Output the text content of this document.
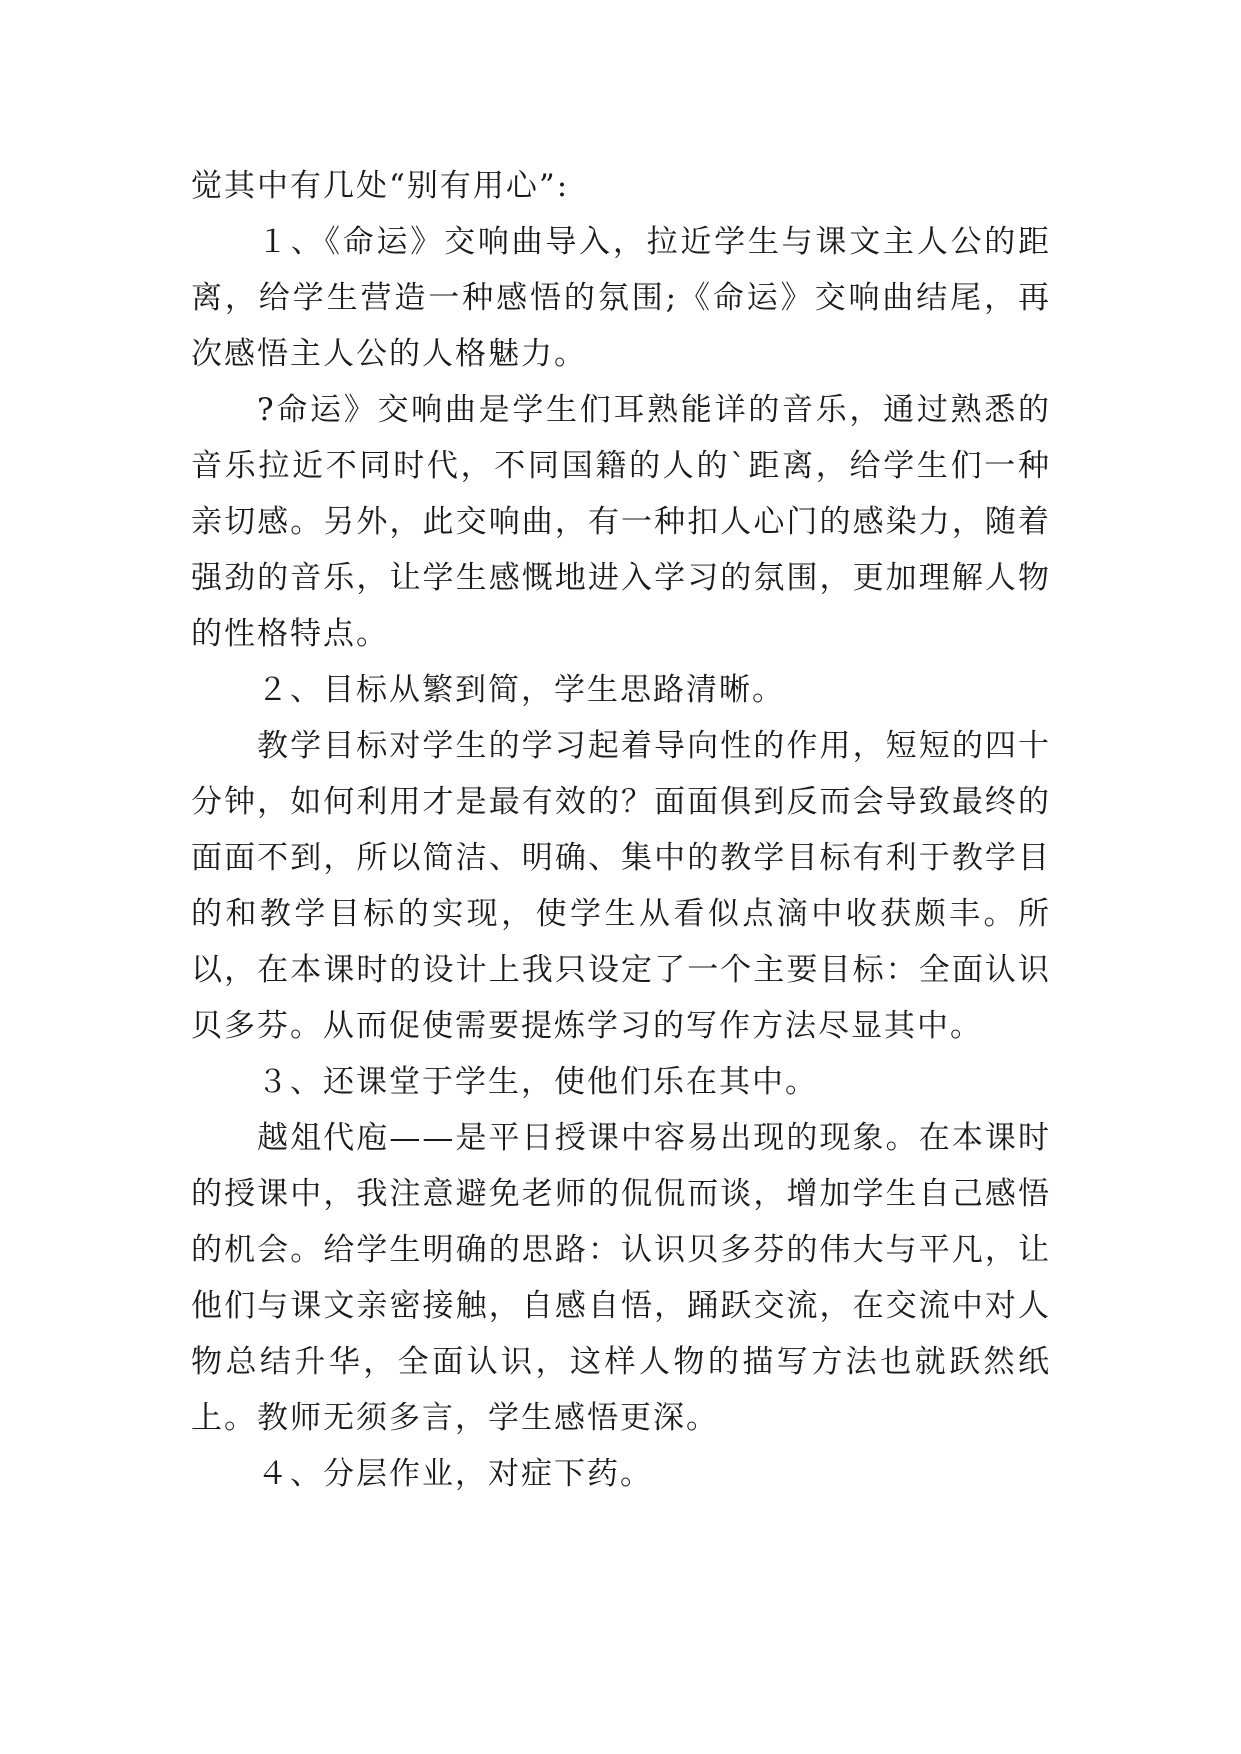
觉其中有几处“别有用心”:

１、《命运》交响曲导入，拉近学生与课文主人公的距离，给学生营造一种感悟的氛围;《命运》交响曲结尾，再次感悟主人公的人格魅力。

?命运》交响曲是学生们耳熟能详的音乐，通过熟悉的音乐拉近不同时代，不同国籍的人的`距离，给学生们一种亲切感。另外，此交响曲，有一种扣人心门的感染力，随着强劲的音乐，让学生感慨地进入学习的氛围，更加理解人物的性格特点。

２、目标从繁到简，学生思路清晰。

教学目标对学生的学习起着导向性的作用，短短的四十分钟，如何利用才是最有效的？面面俱到反而会导致最终的面面不到，所以简洁、明确、集中的教学目标有利于教学目的和教学目标的实现，使学生从看似点滴中收获颇丰。所以，在本课时的设计上我只设定了一个主要目标：全面认识贝多芬。从而促使需要提炼学习的写作方法尽显其中。

３、还课堂于学生，使他们乐在其中。

越俎代庖——是平日授课中容易出现的现象。在本课时的授课中，我注意避免老师的侃侃而谈，增加学生自己感悟的机会。给学生明确的思路：认识贝多芬的伟大与平凡，让他们与课文亲密接触，自感自悟，踊跃交流，在交流中对人物总结升华，全面认识，这样人物的描写方法也就跃然纸上。教师无须多言，学生感悟更深。

４、分层作业，对症下药。
